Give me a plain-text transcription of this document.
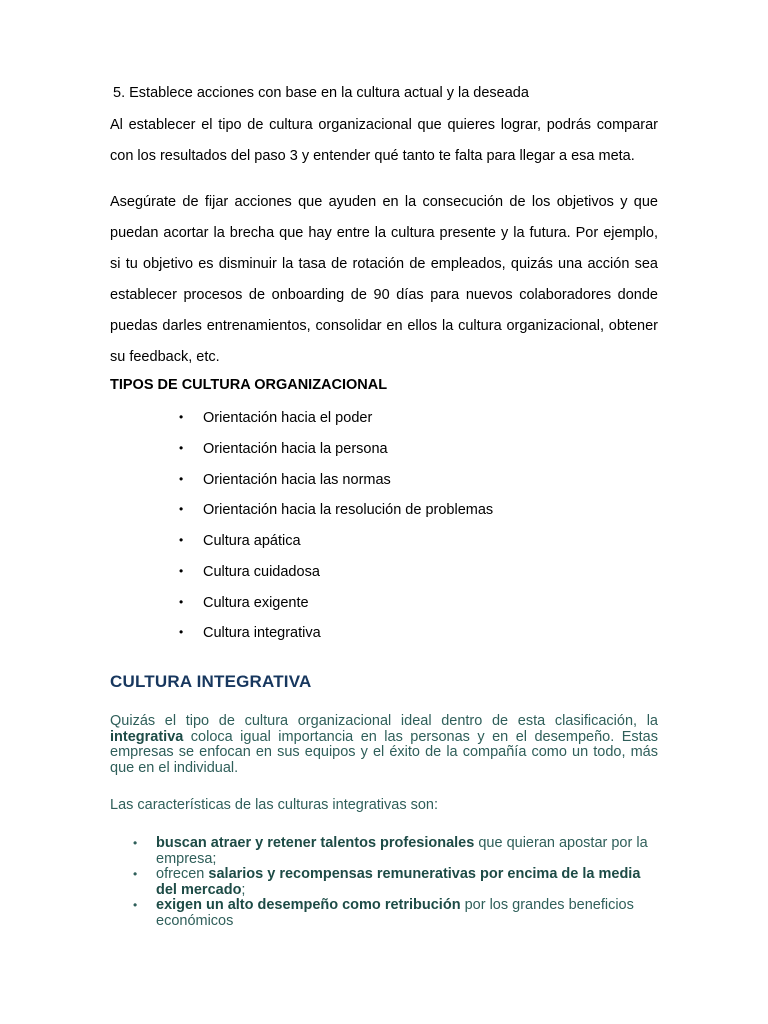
5. Establece acciones con base en la cultura actual y la deseada

Al establecer el tipo de cultura organizacional que quieres lograr, podrás comparar con los resultados del paso 3 y entender qué tanto te falta para llegar a esa meta.

Asegúrate de fijar acciones que ayuden en la consecución de los objetivos y que puedan acortar la brecha que hay entre la cultura presente y la futura. Por ejemplo, si tu objetivo es disminuir la tasa de rotación de empleados, quizás una acción sea establecer procesos de onboarding de 90 días para nuevos colaboradores donde puedas darles entrenamientos, consolidar en ellos la cultura organizacional, obtener su feedback, etc.

TIPOS DE CULTURA ORGANIZACIONAL
• Orientación hacia el poder
• Orientación hacia la persona
• Orientación hacia las normas
• Orientación hacia la resolución de problemas
• Cultura apática
• Cultura cuidadosa
• Cultura exigente
• Cultura integrativa
CULTURA INTEGRATIVA

Quizás el tipo de cultura organizacional ideal dentro de esta clasificación, la integrativa coloca igual importancia en las personas y en el desempeño. Estas empresas se enfocan en sus equipos y el éxito de la compañía como un todo, más que en el individual.

Las características de las culturas integrativas son:
• buscan atraer y retener talentos profesionales que quieran apostar por la empresa;
• ofrecen salarios y recompensas remunerativas por encima de la media del mercado;
• exigen un alto desempeño como retribución por los grandes beneficios económicos
